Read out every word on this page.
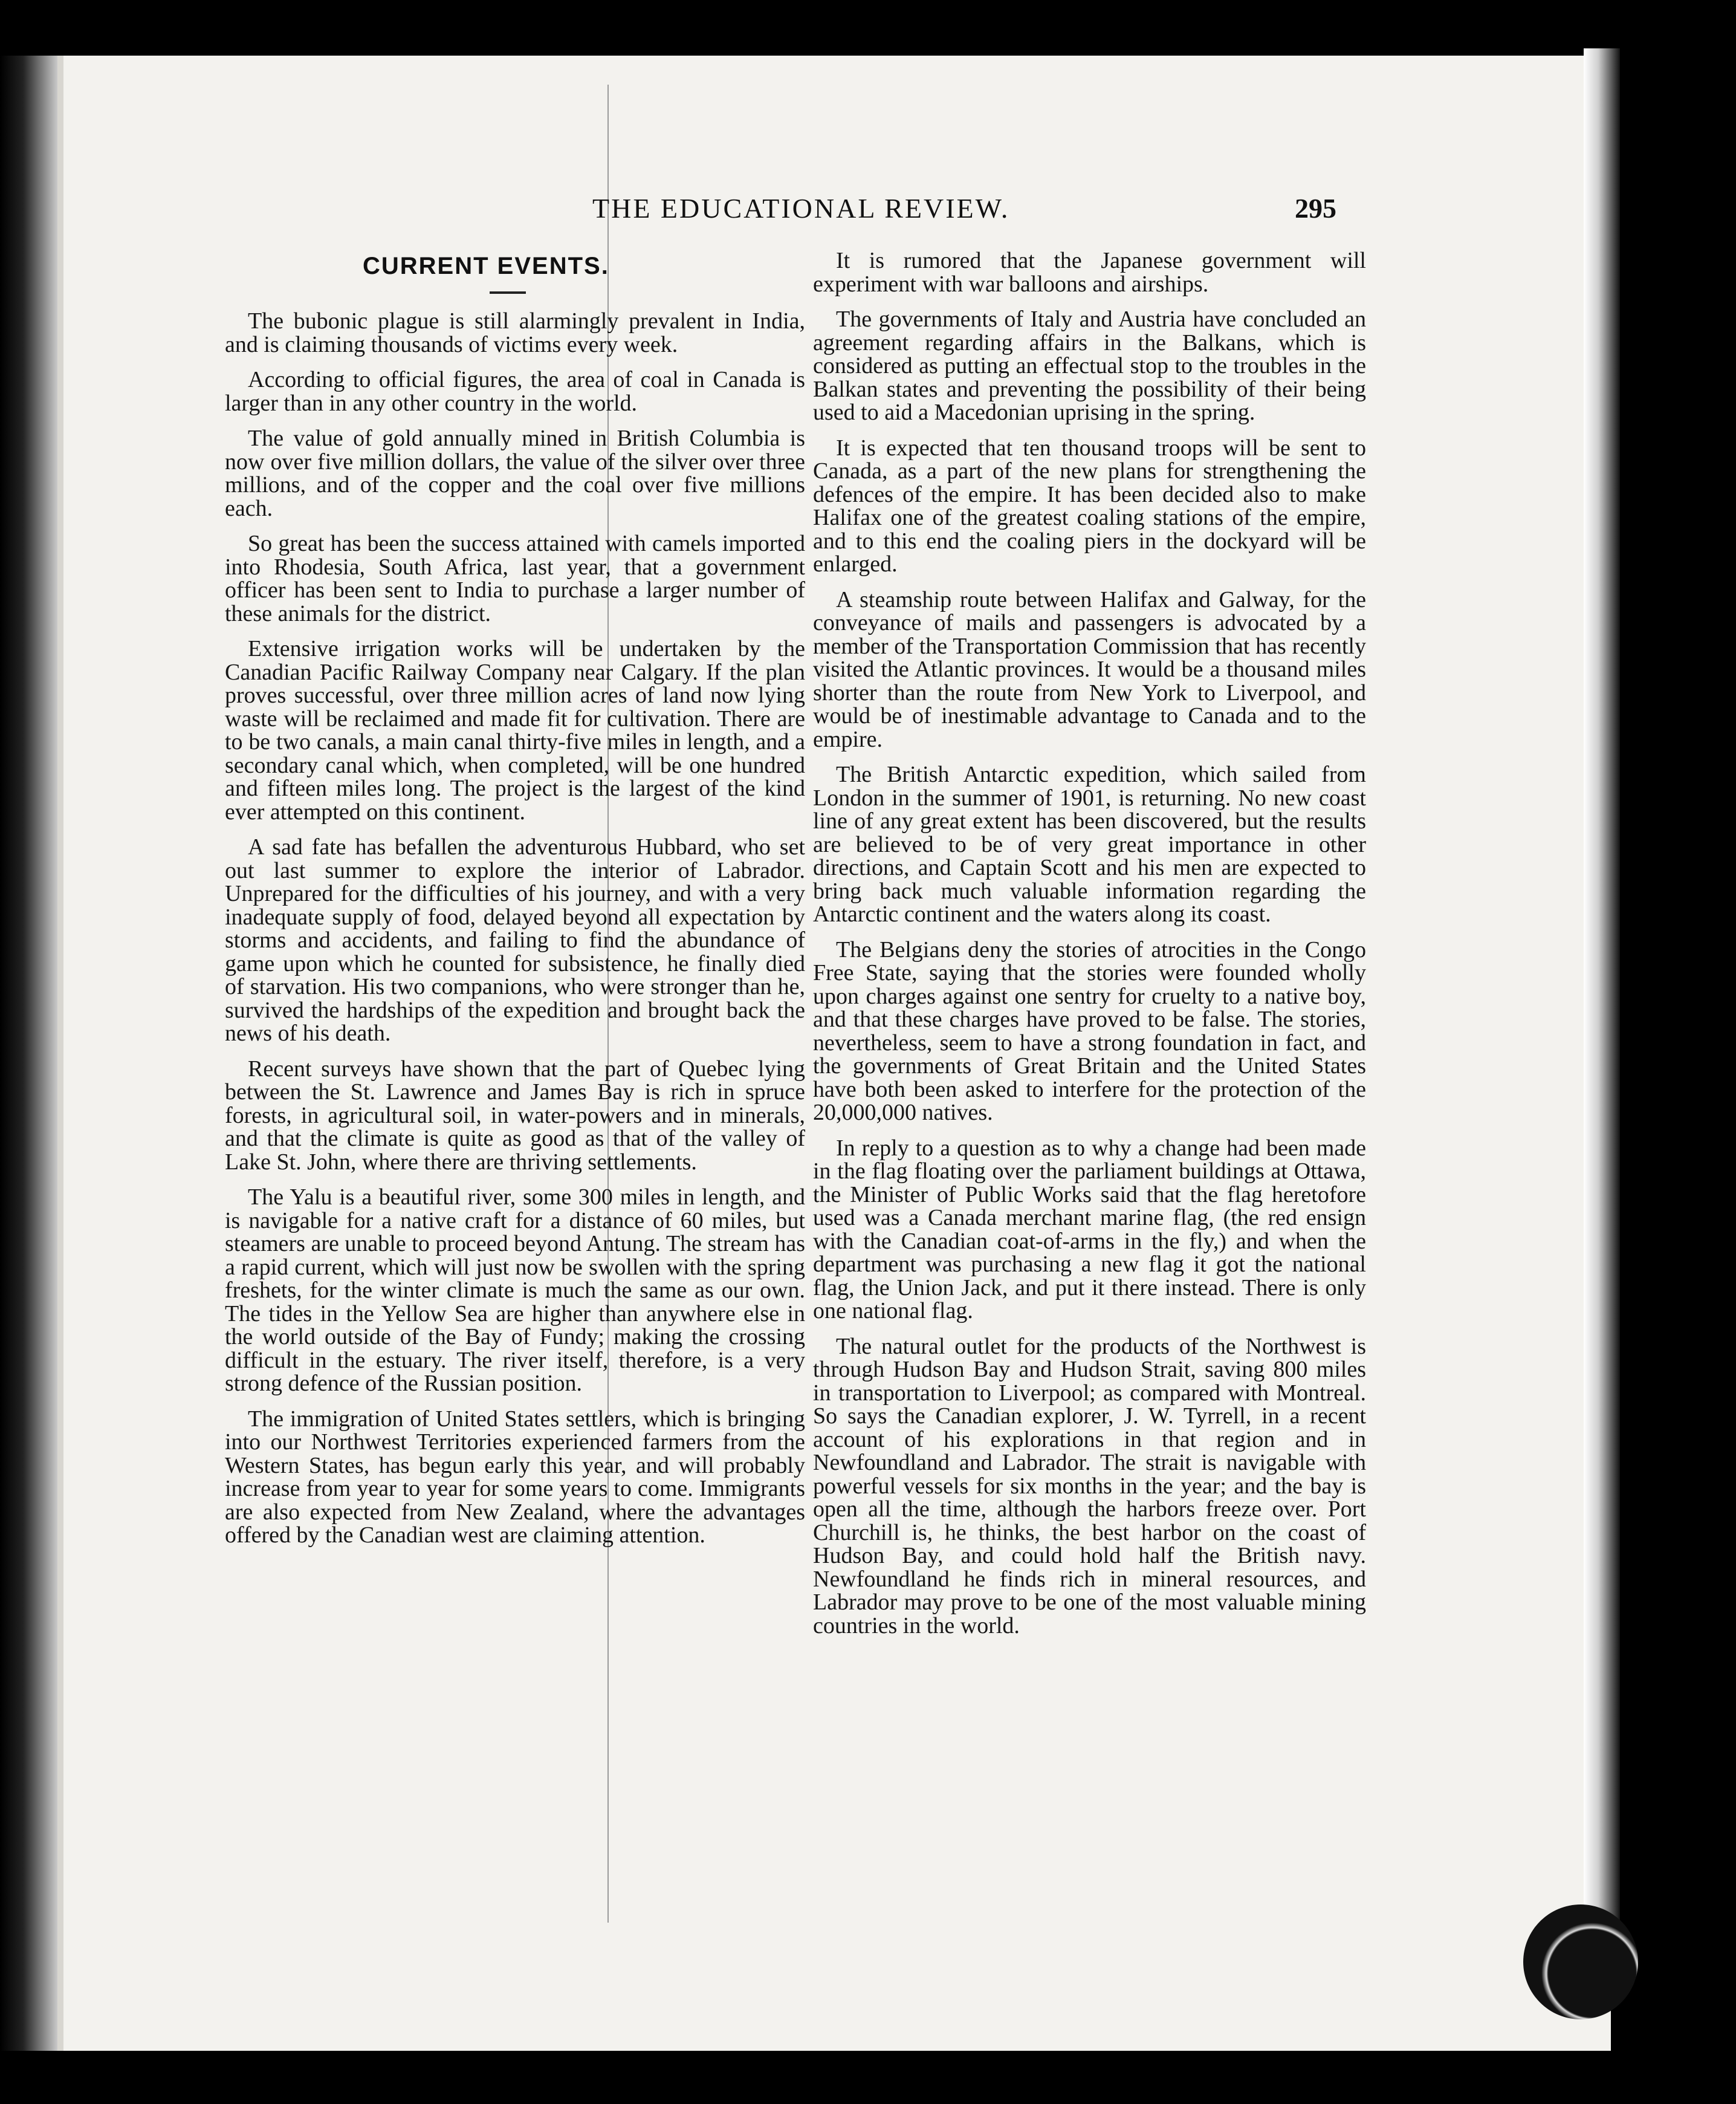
THE EDUCATIONAL REVIEW.	295
CURRENT EVENTS.

The bubonic plague is still alarmingly prevalent in India, and is claiming thousands of victims every week.

According to official figures, the area of coal in Canada is larger than in any other country in the world.

The value of gold annually mined in British Columbia is now over five million dollars, the value of the silver over three millions, and of the copper and the coal over five millions each.

So great has been the success attained with camels imported into Rhodesia, South Africa, last year, that a government officer has been sent to India to purchase a larger number of these animals for the district.

Extensive irrigation works will be undertaken by the Canadian Pacific Railway Company near Calgary. If the plan proves successful, over three million acres of land now lying waste will be reclaimed and made fit for cultivation. There are to be two canals, a main canal thirty-five miles in length, and a secondary canal which, when completed, will be one hundred and fifteen miles long. The project is the largest of the kind ever attempted on this continent.

A sad fate has befallen the adventurous Hubbard, who set out last summer to explore the interior of Labrador. Unprepared for the difficulties of his journey, and with a very inadequate supply of food, delayed beyond all expectation by storms and accidents, and failing to find the abundance of game upon which he counted for subsistence, he finally died of starvation. His two companions, who were stronger than he, survived the hardships of the expedition and brought back the news of his death.

Recent surveys have shown that the part of Quebec lying between the St. Lawrence and James Bay is rich in spruce forests, in agricultural soil, in water-powers and in minerals, and that the climate is quite as good as that of the valley of Lake St. John, where there are thriving settlements.

The Yalu is a beautiful river, some 300 miles in length, and is navigable for a native craft for a distance of 60 miles, but steamers are unable to proceed beyond Antung. The stream has a rapid current, which will just now be swollen with the spring freshets, for the winter climate is much the same as our own. The tides in the Yellow Sea are higher than anywhere else in the world outside of the Bay of Fundy; making the crossing difficult in the estuary. The river itself, therefore, is a very strong defence of the Russian position.

The immigration of United States settlers, which is bringing into our Northwest Territories experienced farmers from the Western States, has begun early this year, and will probably increase from year to year for some years to come. Immigrants are also expected from New Zealand, where the advantages offered by the Canadian west are claiming attention.

It is rumored that the Japanese government will experiment with war balloons and airships.

The governments of Italy and Austria have concluded an agreement regarding affairs in the Balkans, which is considered as putting an effectual stop to the troubles in the Balkan states and preventing the possibility of their being used to aid a Macedonian uprising in the spring.

It is expected that ten thousand troops will be sent to Canada, as a part of the new plans for strengthening the defences of the empire. It has been decided also to make Halifax one of the greatest coaling stations of the empire, and to this end the coaling piers in the dockyard will be enlarged.

A steamship route between Halifax and Galway, for the conveyance of mails and passengers is advocated by a member of the Transportation Commission that has recently visited the Atlantic provinces. It would be a thousand miles shorter than the route from New York to Liverpool, and would be of inestimable advantage to Canada and to the empire.

The British Antarctic expedition, which sailed from London in the summer of 1901, is returning. No new coast line of any great extent has been discovered, but the results are believed to be of very great importance in other directions, and Captain Scott and his men are expected to bring back much valuable information regarding the Antarctic continent and the waters along its coast.

The Belgians deny the stories of atrocities in the Congo Free State, saying that the stories were founded wholly upon charges against one sentry for cruelty to a native boy, and that these charges have proved to be false. The stories, nevertheless, seem to have a strong foundation in fact, and the governments of Great Britain and the United States have both been asked to interfere for the protection of the 20,000,000 natives.

In reply to a question as to why a change had been made in the flag floating over the parliament buildings at Ottawa, the Minister of Public Works said that the flag heretofore used was a Canada merchant marine flag, (the red ensign with the Canadian coat-of-arms in the fly,) and when the department was purchasing a new flag it got the national flag, the Union Jack, and put it there instead. There is only one national flag.

The natural outlet for the products of the Northwest is through Hudson Bay and Hudson Strait, saving 800 miles in transportation to Liverpool; as compared with Montreal. So says the Canadian explorer, J. W. Tyrrell, in a recent account of his explorations in that region and in Newfoundland and Labrador. The strait is navigable with powerful vessels for six months in the year; and the bay is open all the time, although the harbors freeze over. Port Churchill is, he thinks, the best harbor on the coast of Hudson Bay, and could hold half the British navy. Newfoundland he finds rich in mineral resources, and Labrador may prove to be one of the most valuable mining countries in the world.
